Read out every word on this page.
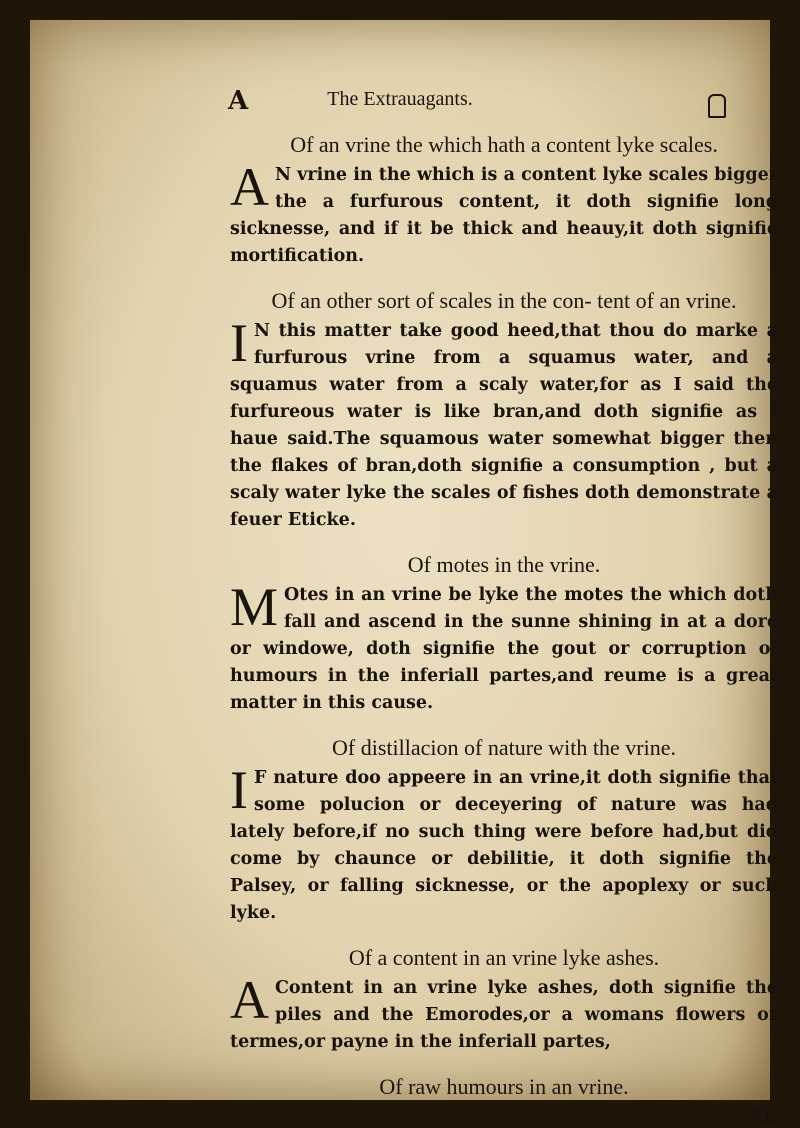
A	The Extrauagants.

Of an vrine the which hath a content lyke scales.

A N vrine in the which is a content lyke scales bigger the a furfurous content, it doth signifie long sicknesse, and if it be thick and heauy,it doth signifie mortification.

Of an other sort of scales in the con- tent of an vrine.

I N this matter take good heed,that thou do marke a furfurous vrine from a squamus water, and a squamus water from a scaly water,for as I said the furfureous water is like bran,and doth signifie as I haue said.The squamous water somewhat bigger then the flakes of bran,doth signifie a consumption , but a scaly water lyke the scales of fishes doth demonstrate a feuer Eticke.

Of motes in the vrine.

M Otes in an vrine be lyke the motes the which doth fall and ascend in the sunne shining in at a dore or windowe, doth signifie the gout or corruption of humours in the inferiall partes,and reume is a great matter in this cause.

Of distillacion of nature with the vrine.

I F nature doo appeere in an vrine,it doth signifie that some polucion or deceyering of nature was had lately before,if no such thing were before had,but did come by chaunce or debilitie, it doth signifie the Palsey, or falling sicknesse, or the apoplexy or such lyke.

Of a content in an vrine lyke ashes.

A Content in an vrine lyke ashes, doth signifie the piles and the Emorodes,or a womans flowers or termes,or payne in the inferiall partes,

Of raw humours in an vrine.

An
